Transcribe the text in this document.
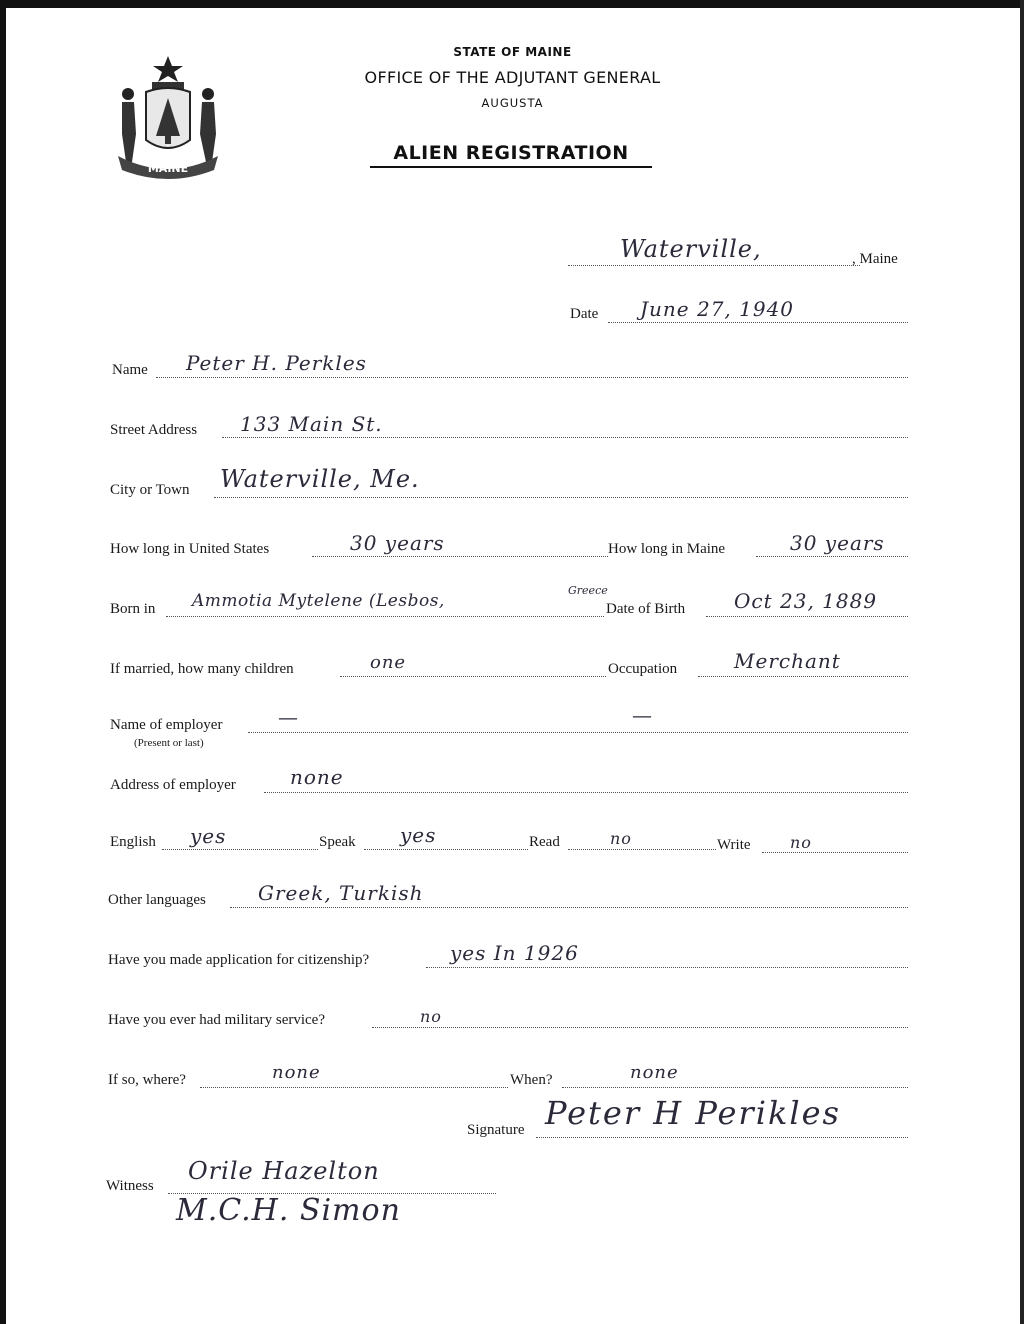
MAINE
STATE OF MAINE
OFFICE OF THE ADJUTANT GENERAL
AUGUSTA
ALIEN REGISTRATION
Waterville,	, Maine
Date June 27, 1940
Name Peter H. Perkles
Street Address 133 Main St.
City or Town Waterville, Me.
How long in United States	30 years	How long in Maine	30 years
Born in Ammotia Mytelene (Lesbos,
Greece
Date of Birth Oct 23, 1889
If married, how many children	one	Occupation	Merchant
Name of employer
(Present or last)
—	—
Address of employer	none
English yes	Speak yes	Read	no	Write no
Other languages	Greek, Turkish
Have you made application for citizenship?	yes In 1926
Have you ever had military service?	no
If so, where?	none	When?	none
Signature Peter H Perikles
Witness
Orile Hazelton
M.C.H. Simon
